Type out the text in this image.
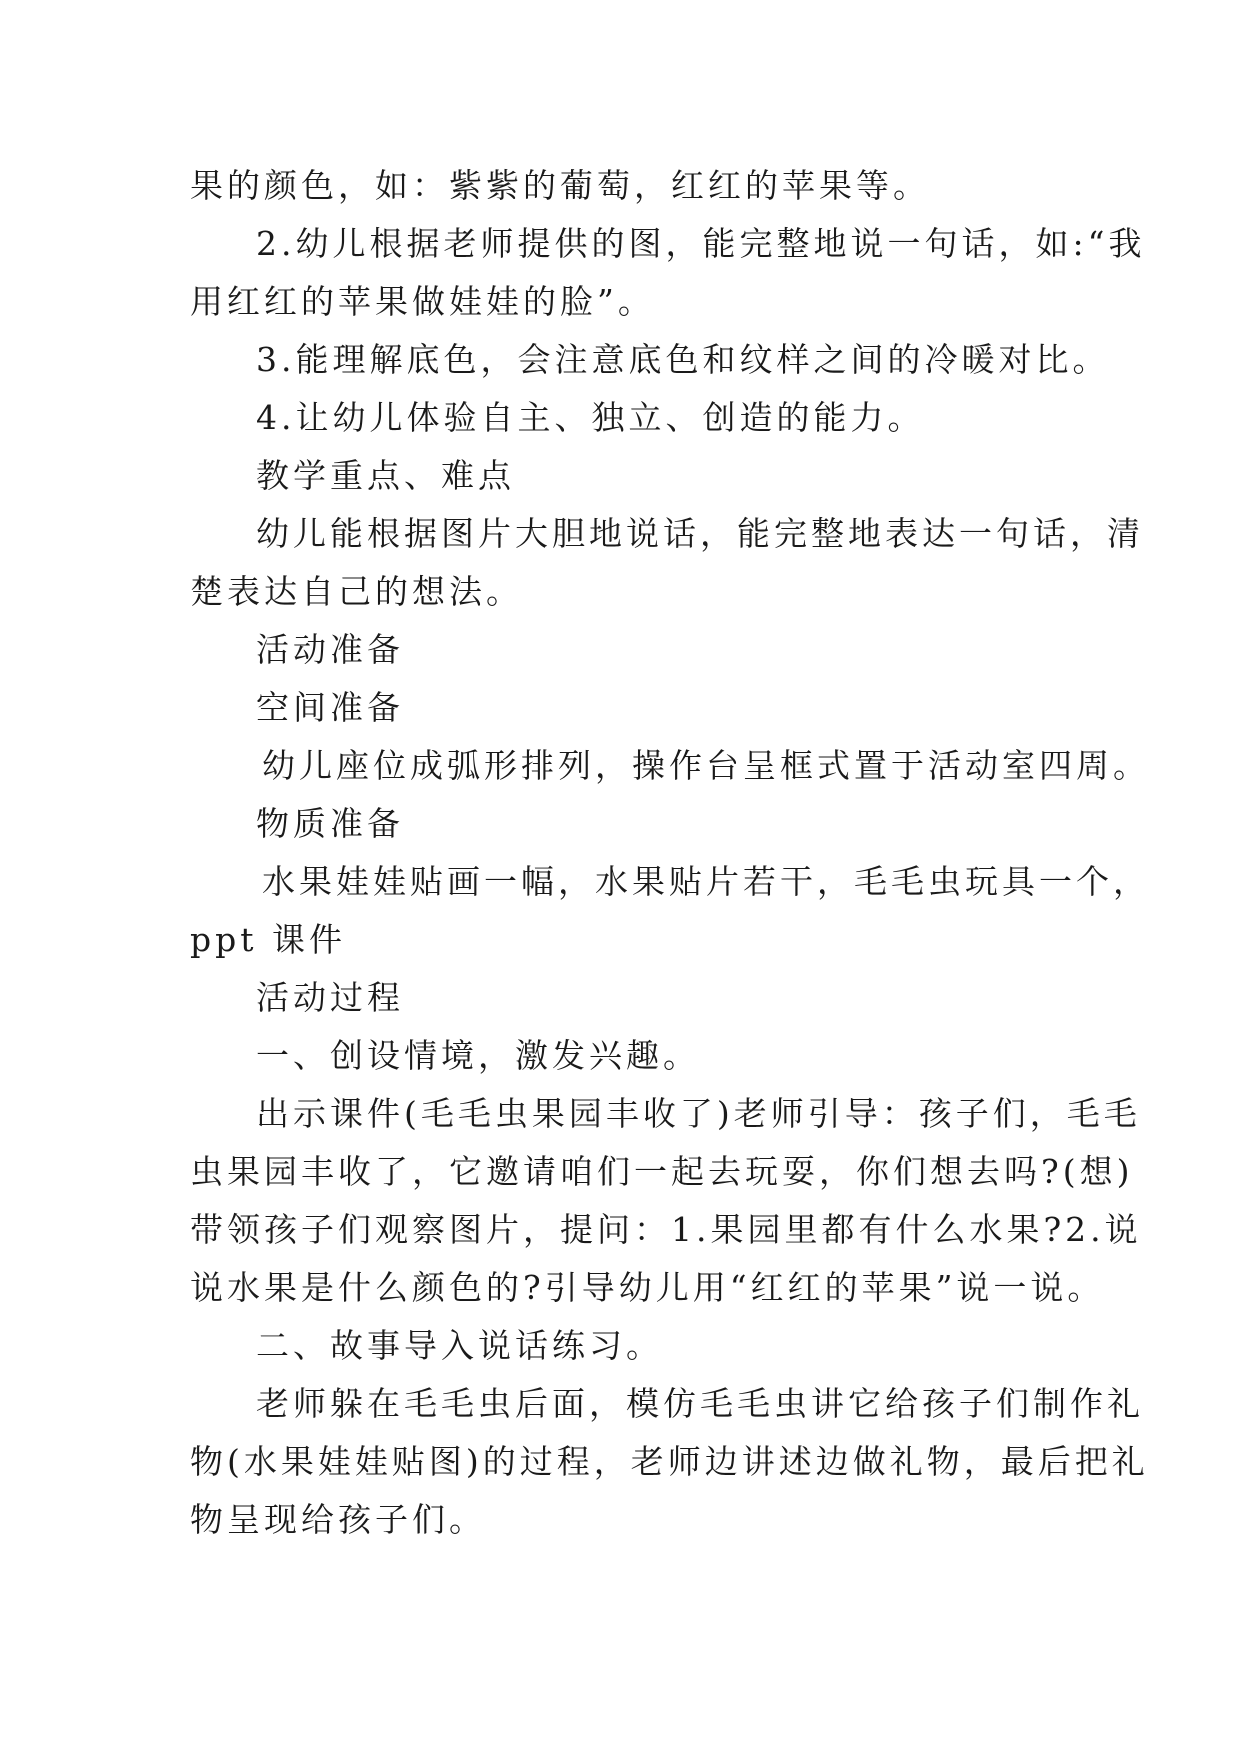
果的颜色，如：紫紫的葡萄，红红的苹果等。
2.幼儿根据老师提供的图，能完整地说一句话，如:“我
用红红的苹果做娃娃的脸”。
3.能理解底色，会注意底色和纹样之间的冷暖对比。
4.让幼儿体验自主、独立、创造的能力。
教学重点、难点
幼儿能根据图片大胆地说话，能完整地表达一句话，清
楚表达自己的想法。
活动准备
空间准备
幼儿座位成弧形排列，操作台呈框式置于活动室四周。
物质准备
水果娃娃贴画一幅，水果贴片若干，毛毛虫玩具一个，
ppt 课件
活动过程
一、创设情境，激发兴趣。
出示课件(毛毛虫果园丰收了)老师引导：孩子们，毛毛
虫果园丰收了，它邀请咱们一起去玩耍，你们想去吗?(想)
带领孩子们观察图片，提问：1.果园里都有什么水果?2.说
说水果是什么颜色的?引导幼儿用“红红的苹果”说一说。
二、故事导入说话练习。
老师躲在毛毛虫后面，模仿毛毛虫讲它给孩子们制作礼
物(水果娃娃贴图)的过程，老师边讲述边做礼物，最后把礼
物呈现给孩子们。
